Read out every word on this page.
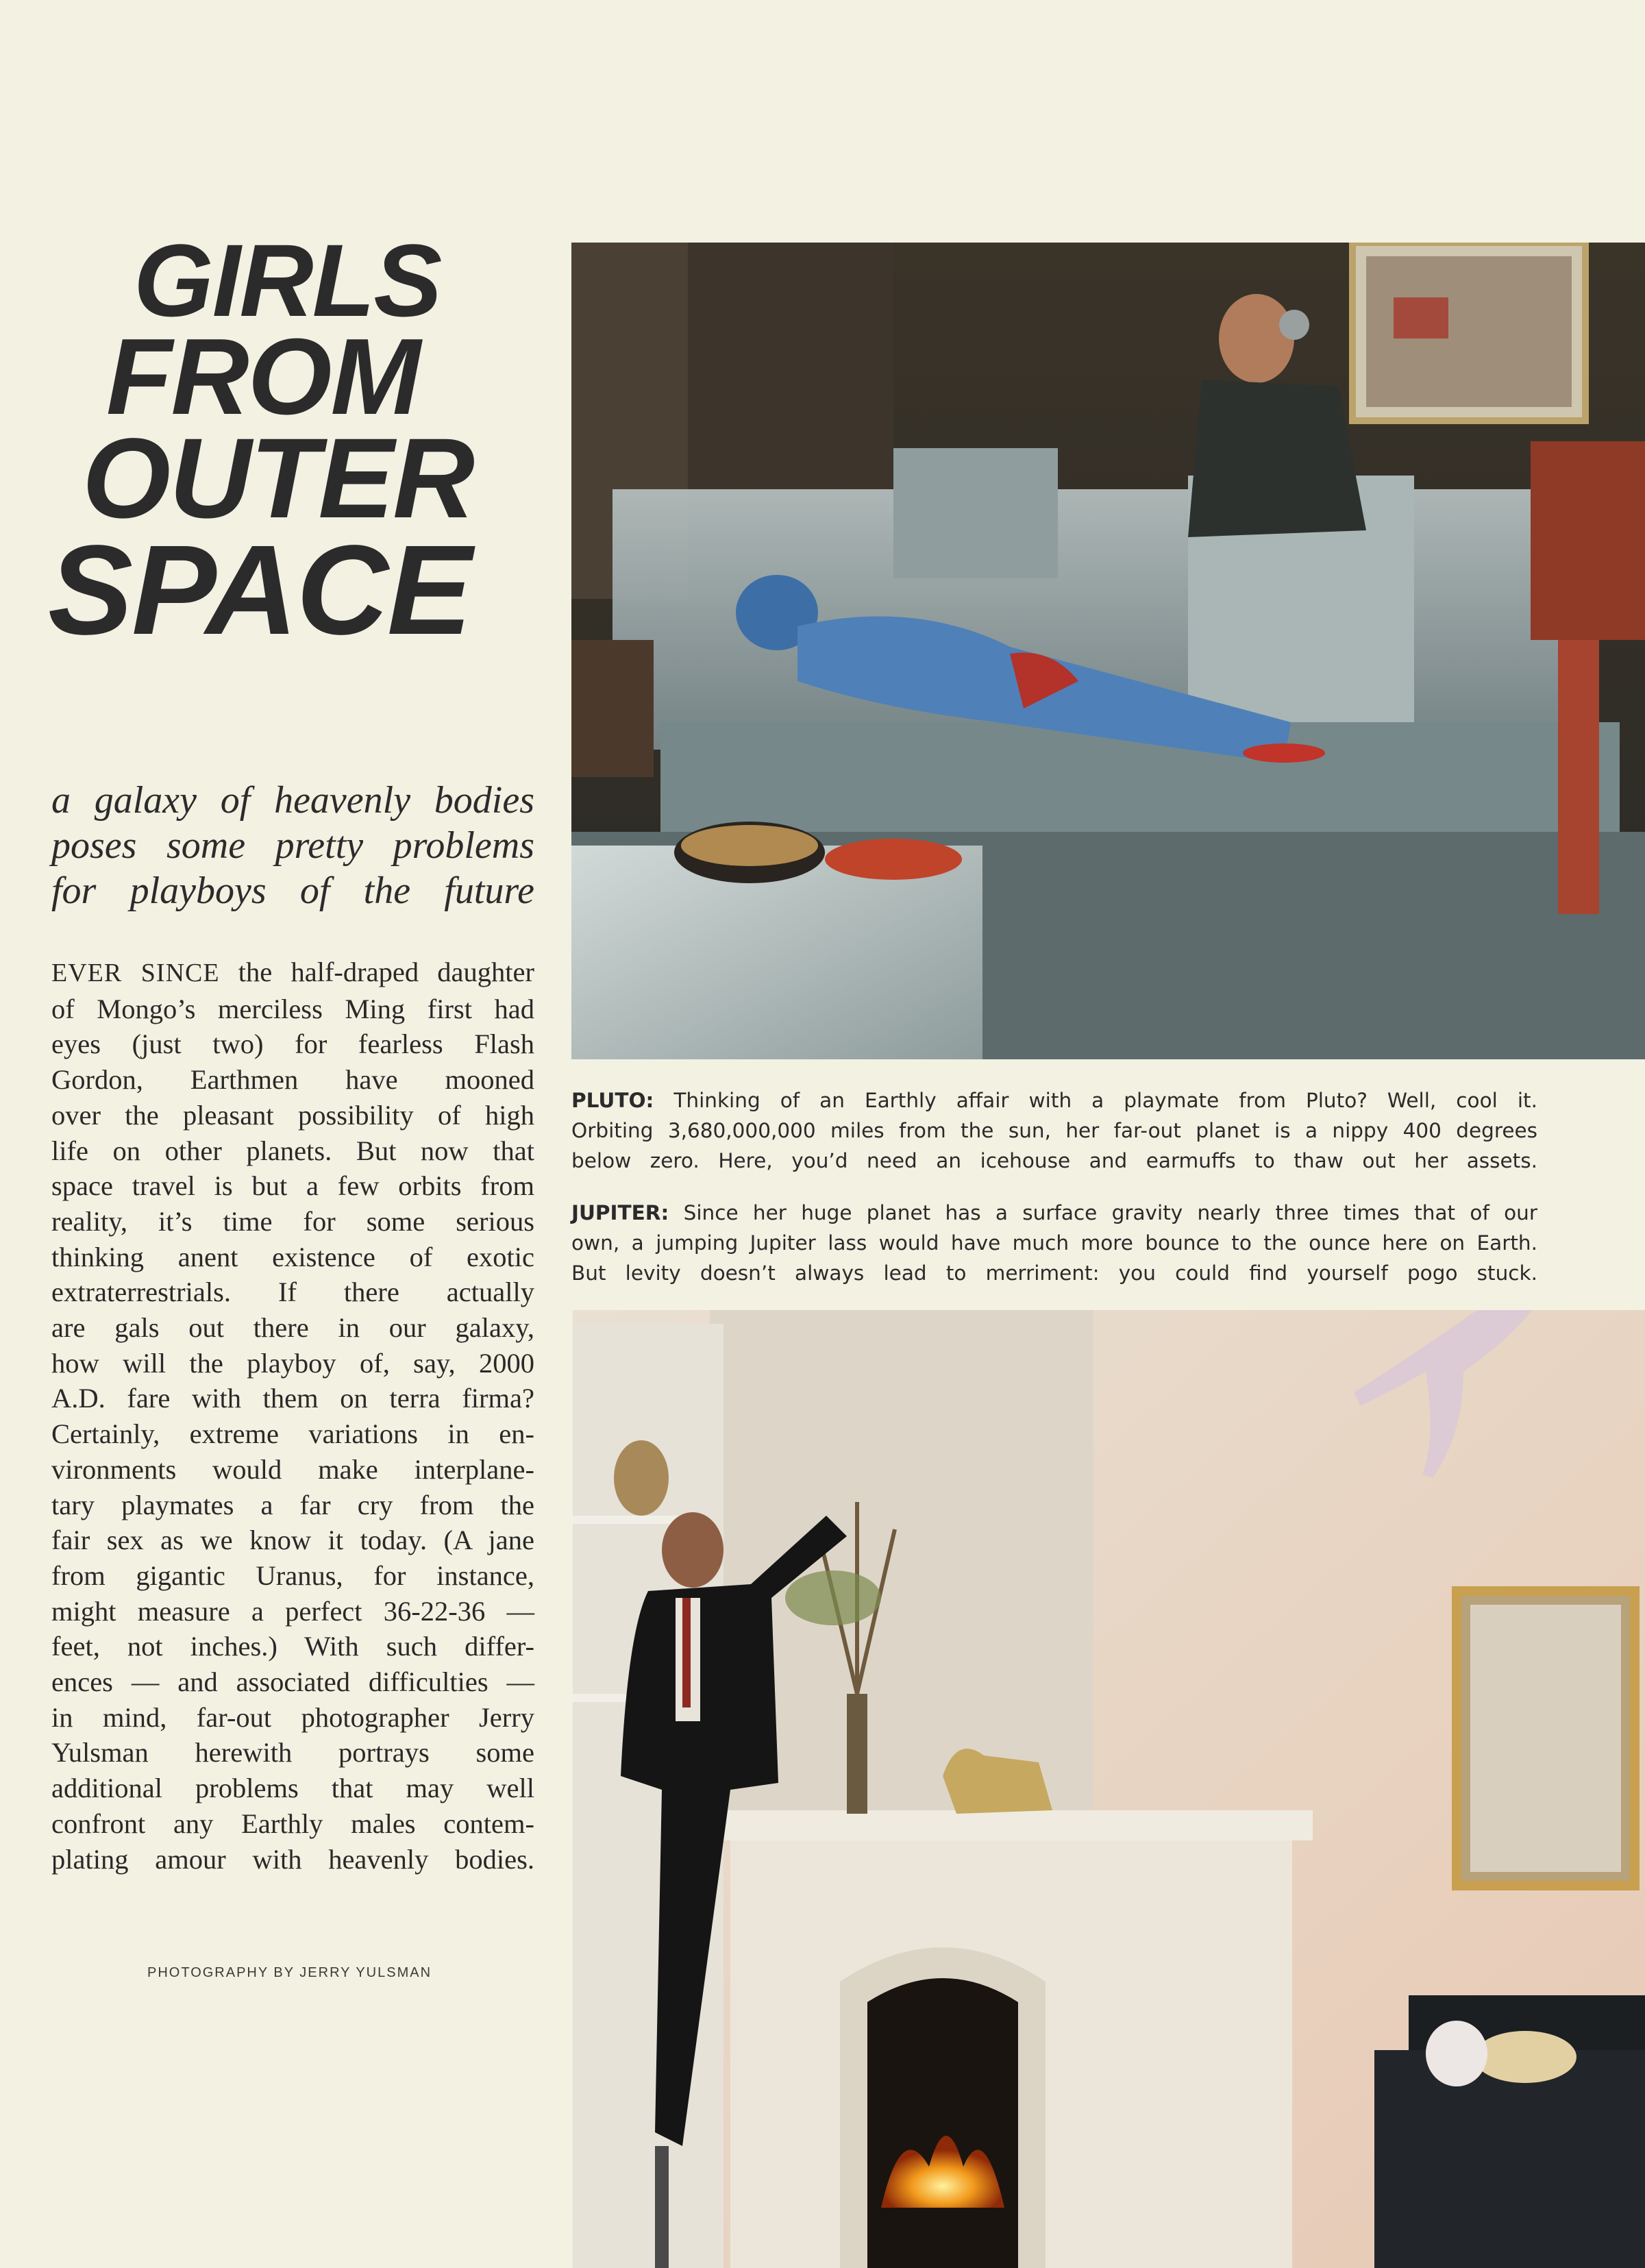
GIRLS
FROM
OUTER
SPACE
a galaxy of heavenly bodies
poses some pretty problems
for playboys of the future
EVER SINCE the half-draped daughter
of Mongo’s merciless Ming first had
eyes (just two) for fearless Flash
Gordon, Earthmen have mooned
over the pleasant possibility of high
life on other planets. But now that
space travel is but a few orbits from
reality, it’s time for some serious
thinking anent existence of exotic
extraterrestrials. If there actually
are gals out there in our galaxy,
how will the playboy of, say, 2000
A.D. fare with them on terra firma?
Certainly, extreme variations in en-
vironments would make interplane-
tary playmates a far cry from the
fair sex as we know it today. (A jane
from gigantic Uranus, for instance,
might measure a perfect 36-22-36 —
feet, not inches.) With such differ-
ences — and associated difficulties —
in mind, far-out photographer Jerry
Yulsman herewith portrays some
additional problems that may well
confront any Earthly males contem-
plating amour with heavenly bodies.
PHOTOGRAPHY BY JERRY YULSMAN
PLUTO: Thinking of an Earthly affair with a playmate from Pluto? Well, cool it.
Orbiting 3,680,000,000 miles from the sun, her far-out planet is a nippy 400 degrees
below zero. Here, you’d need an icehouse and earmuffs to thaw out her assets.
JUPITER: Since her huge planet has a surface gravity nearly three times that of our
own, a jumping Jupiter lass would have much more bounce to the ounce here on Earth.
But levity doesn’t always lead to merriment: you could find yourself pogo stuck.
